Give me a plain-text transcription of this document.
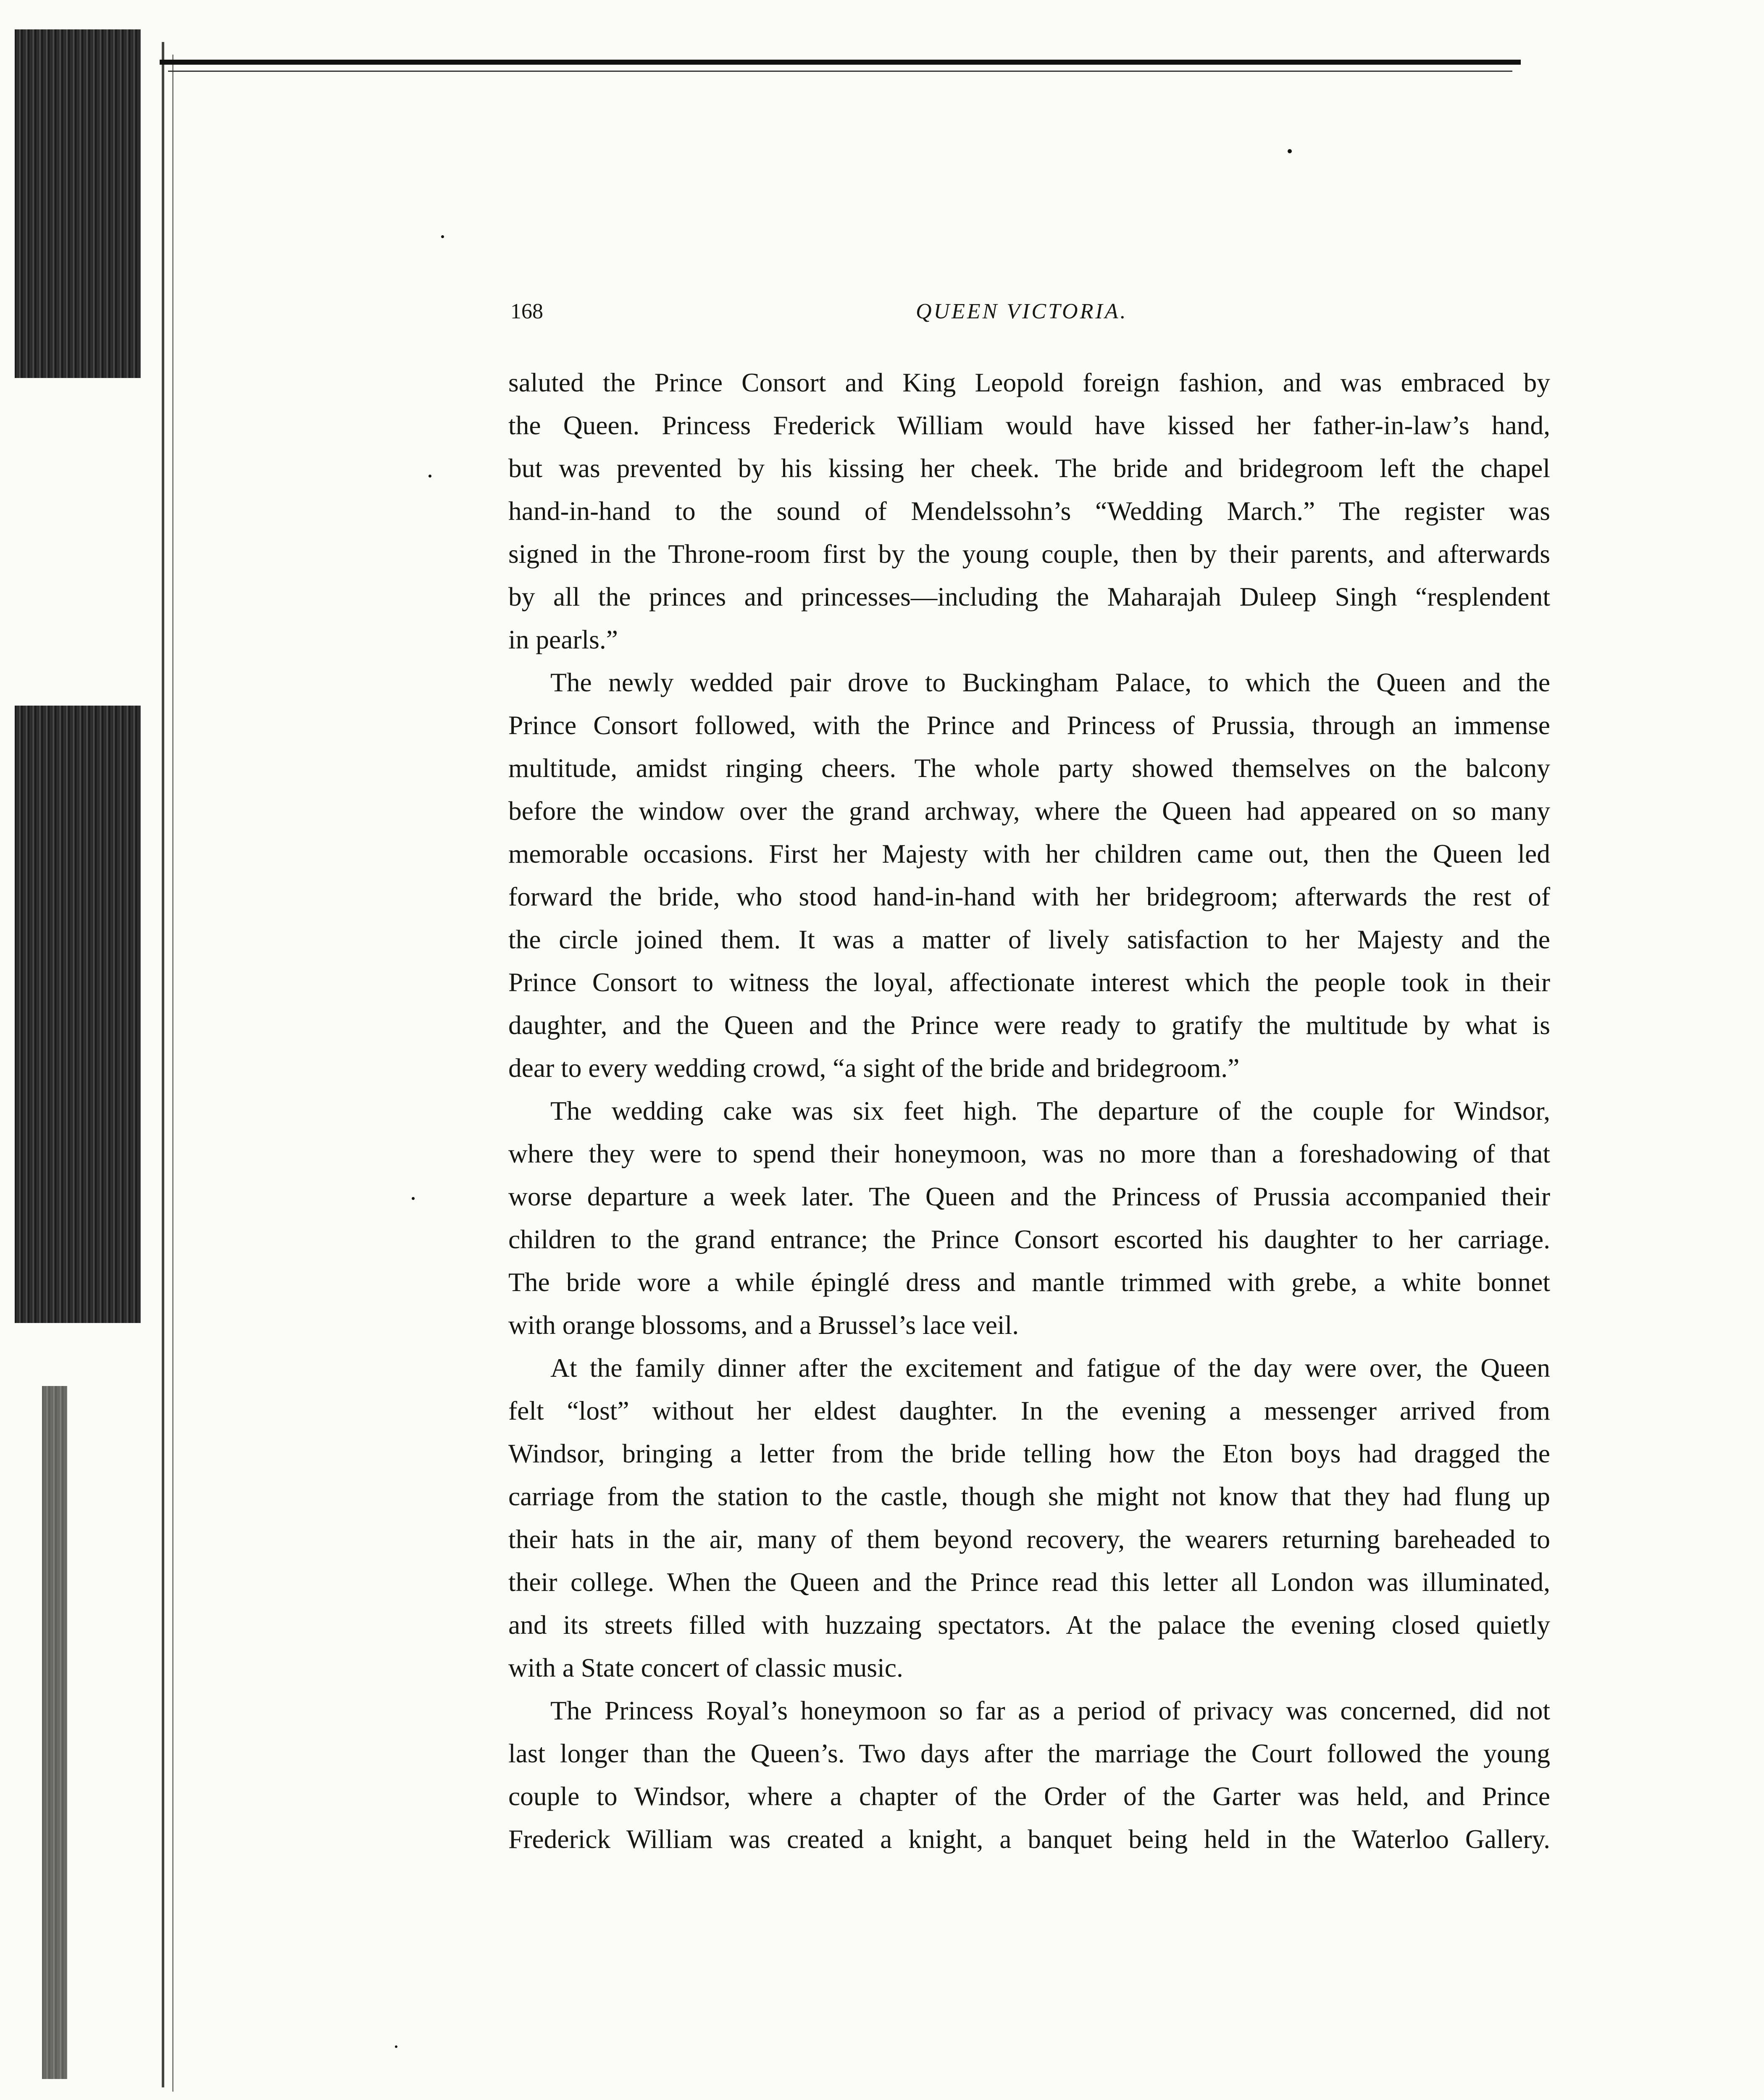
168	QUEEN VICTORIA.

saluted the Prince Consort and King Leopold foreign fashion, and was embraced by

the Queen. Princess Frederick William would have kissed her father-in-law’s hand,

but was prevented by his kissing her cheek. The bride and bridegroom left the chapel

hand-in-hand to the sound of Mendelssohn’s “Wedding March.” The register was

signed in the Throne-room first by the young couple, then by their parents, and afterwards

by all the princes and princesses—including the Maharajah Duleep Singh “resplendent

in pearls.”

The newly wedded pair drove to Buckingham Palace, to which the Queen and the

Prince Consort followed, with the Prince and Princess of Prussia, through an immense

multitude, amidst ringing cheers. The whole party showed themselves on the balcony

before the window over the grand archway, where the Queen had appeared on so many

memorable occasions. First her Majesty with her children came out, then the Queen led

forward the bride, who stood hand-in-hand with her bridegroom; afterwards the rest of

the circle joined them. It was a matter of lively satisfaction to her Majesty and the

Prince Consort to witness the loyal, affectionate interest which the people took in their

daughter, and the Queen and the Prince were ready to gratify the multitude by what is

dear to every wedding crowd, “a sight of the bride and bridegroom.”

The wedding cake was six feet high. The departure of the couple for Windsor,

where they were to spend their honeymoon, was no more than a foreshadowing of that

worse departure a week later. The Queen and the Princess of Prussia accompanied their

children to the grand entrance; the Prince Consort escorted his daughter to her carriage.

The bride wore a while épinglé dress and mantle trimmed with grebe, a white bonnet

with orange blossoms, and a Brussel’s lace veil.

At the family dinner after the excitement and fatigue of the day were over, the Queen

felt “lost” without her eldest daughter. In the evening a messenger arrived from

Windsor, bringing a letter from the bride telling how the Eton boys had dragged the

carriage from the station to the castle, though she might not know that they had flung up

their hats in the air, many of them beyond recovery, the wearers returning bareheaded to

their college. When the Queen and the Prince read this letter all London was illuminated,

and its streets filled with huzzaing spectators. At the palace the evening closed quietly

with a State concert of classic music.

The Princess Royal’s honeymoon so far as a period of privacy was concerned, did not

last longer than the Queen’s. Two days after the marriage the Court followed the young

couple to Windsor, where a chapter of the Order of the Garter was held, and Prince

Frederick William was created a knight, a banquet being held in the Waterloo Gallery.
